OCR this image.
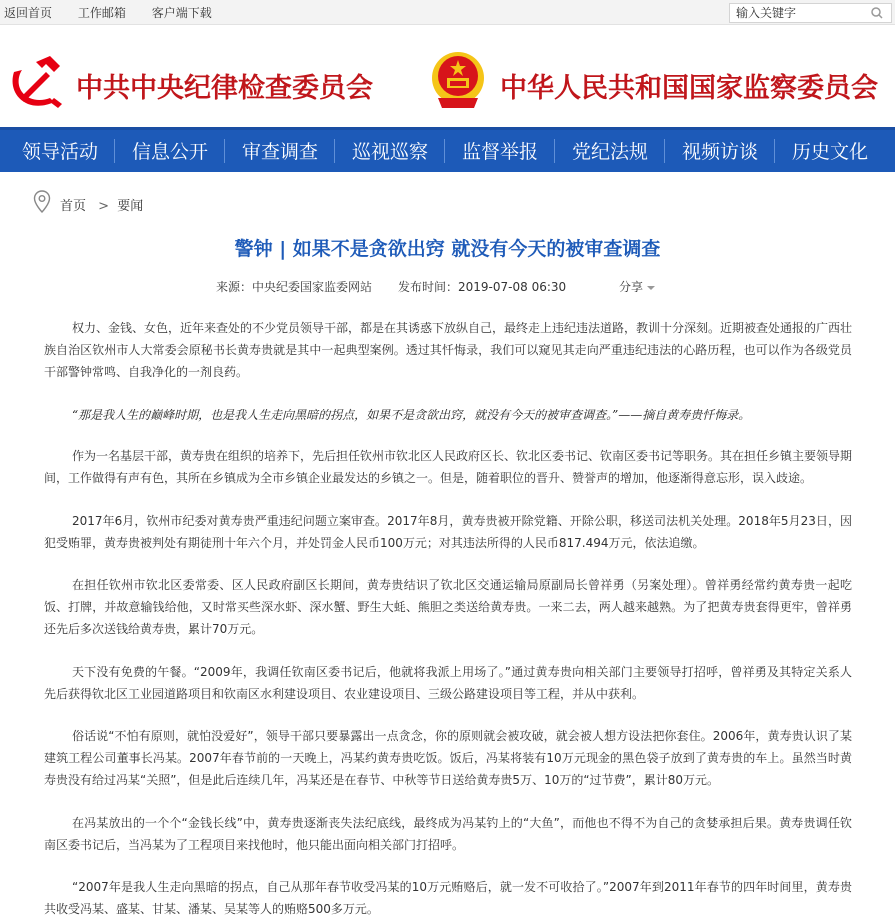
返回首页 工作邮箱 客户端下载
输入关键字
中共中央纪律检查委员会	中华人民共和国国家监察委员会
领导活动 信息公开 审查调查 巡视巡察 监督举报 党纪法规 视频访谈 历史文化
首页 > 要闻
警钟 | 如果不是贪欲出窍 就没有今天的被审查调查
来源：中央纪委国家监委网站 发布时间：2019-07-08 06:30	分享

权力、金钱、女色，近年来查处的不少党员领导干部，都是在其诱惑下放纵自己，最终走上违纪违法道路，教训十分深刻。近期被查处通报的广西壮族自治区钦州市人大常委会原秘书长黄寿贵就是其中一起典型案例。透过其忏悔录，我们可以窥见其走向严重违纪违法的心路历程，也可以作为各级党员干部警钟常鸣、自我净化的一剂良药。

“那是我人生的巅峰时期，也是我人生走向黑暗的拐点，如果不是贪欲出窍，就没有今天的被审查调查。”——摘自黄寿贵忏悔录。

作为一名基层干部，黄寿贵在组织的培养下，先后担任钦州市钦北区人民政府区长、钦北区委书记、钦南区委书记等职务。其在担任乡镇主要领导期间，工作做得有声有色，其所在乡镇成为全市乡镇企业最发达的乡镇之一。但是，随着职位的晋升、赞誉声的增加，他逐渐得意忘形，误入歧途。

2017年6月，钦州市纪委对黄寿贵严重违纪问题立案审查。2017年8月，黄寿贵被开除党籍、开除公职，移送司法机关处理。2018年5月23日，因犯受贿罪，黄寿贵被判处有期徒刑十年六个月，并处罚金人民币100万元；对其违法所得的人民币817.494万元，依法追缴。

在担任钦州市钦北区委常委、区人民政府副区长期间，黄寿贵结识了钦北区交通运输局原副局长曾祥勇（另案处理）。曾祥勇经常约黄寿贵一起吃饭、打牌，并故意输钱给他，又时常买些深水虾、深水蟹、野生大蚝、熊胆之类送给黄寿贵。一来二去，两人越来越熟。为了把黄寿贵套得更牢，曾祥勇还先后多次送钱给黄寿贵，累计70万元。

天下没有免费的午餐。“2009年，我调任钦南区委书记后，他就将我派上用场了。”通过黄寿贵向相关部门主要领导打招呼，曾祥勇及其特定关系人先后获得钦北区工业园道路项目和钦南区水利建设项目、农业建设项目、三级公路建设项目等工程，并从中获利。

俗话说“不怕有原则，就怕没爱好”，领导干部只要暴露出一点贪念，你的原则就会被攻破，就会被人想方设法把你套住。2006年，黄寿贵认识了某建筑工程公司董事长冯某。2007年春节前的一天晚上，冯某约黄寿贵吃饭。饭后，冯某将装有10万元现金的黑色袋子放到了黄寿贵的车上。虽然当时黄寿贵没有给过冯某“关照”，但是此后连续几年，冯某还是在春节、中秋等节日送给黄寿贵5万、10万的“过节费”，累计80万元。

在冯某放出的一个个“金钱长线”中，黄寿贵逐渐丧失法纪底线，最终成为冯某钓上的“大鱼”，而他也不得不为自己的贪婪承担后果。黄寿贵调任钦南区委书记后，当冯某为了工程项目来找他时，他只能出面向相关部门打招呼。

“2007年是我人生走向黑暗的拐点，自己从那年春节收受冯某的10万元贿赂后，就一发不可收拾了。”2007年到2011年春节的四年时间里，黄寿贵共收受冯某、盛某、甘某、潘某、吴某等人的贿赂500多万元。
